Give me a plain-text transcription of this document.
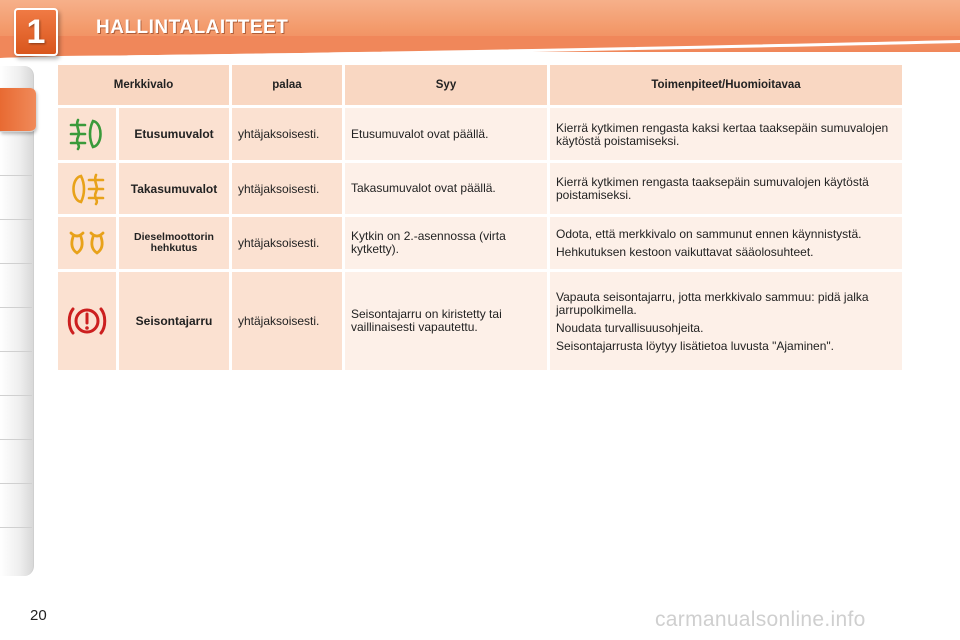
1	HALLINTALAITTEET
Merkkivalo		palaa	Syy	Toimenpiteet/Huomioitavaa

	Etusumuvalot	yhtäjaksoisesti.	Etusumuvalot ovat päällä.	Kierrä kytkimen rengasta kaksi kertaa taaksepäin sumuvalojen käytöstä poistamiseksi.

	Takasumuvalot	yhtäjaksoisesti.	Takasumuvalot ovat päällä.	Kierrä kytkimen rengasta taaksepäin sumuvalojen käytöstä poistamiseksi.

	Dieselmoottorin hehkutus	yhtäjaksoisesti.	Kytkin on 2.-asennossa (virta kytketty).	Odota, että merkkivalo on sammunut ennen käynnistystä.

Hehkutuksen kestoon vaikuttavat sääolosuhteet.

	Seisontajarru	yhtäjaksoisesti.	Seisontajarru on kiristetty tai vaillinaisesti vapautettu.	Vapauta seisontajarru, jotta merkkivalo sammuu: pidä jalka jarrupolkimella.

Noudata turvallisuusohjeita.

Seisontajarrusta löytyy lisätietoa luvusta "Ajaminen".

20	carmanualsonline.info
